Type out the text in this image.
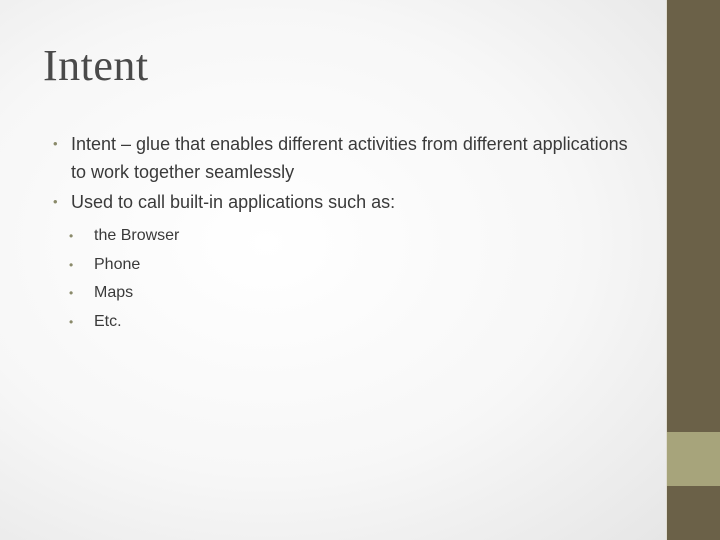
Intent
• Intent – glue that enables different activities from different applications to work together seamlessly
• Used to call built-in applications such as:
• the Browser
• Phone
• Maps
• Etc.
